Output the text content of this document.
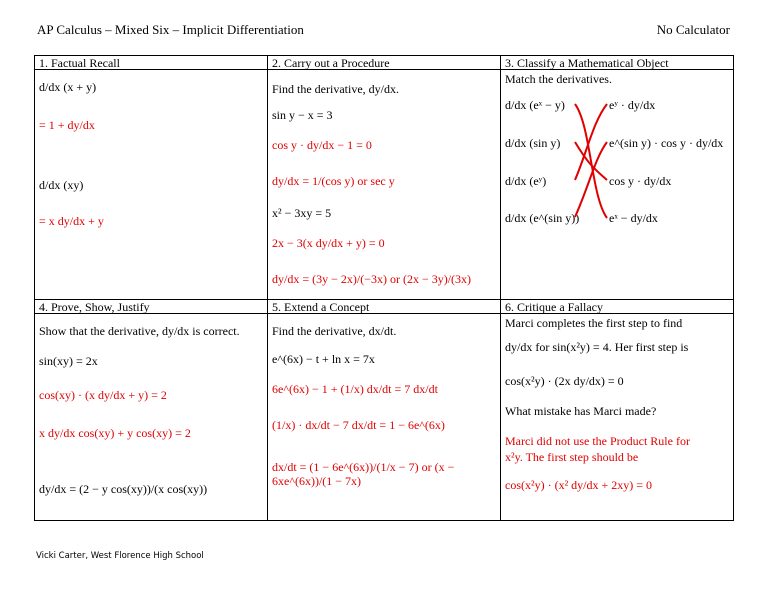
AP Calculus – Mixed Six – Implicit Differentiation	No Calculator
1. Factual Recall
d/dx (x + y)
= 1 + dy/dx
d/dx (xy)
= x dy/dx + y
2. Carry out a Procedure
Find the derivative, dy/dx.
sin y − x = 3
cos y · dy/dx − 1 = 0
dy/dx = 1/(cos y) or sec y
x² − 3xy = 5
2x − 3(x dy/dx + y) = 0
dy/dx = (3y − 2x)/(−3x) or (2x − 3y)/(3x)
3. Classify a Mathematical Object
Match the derivatives.
d/dx (eˣ − y)
d/dx (sin y)
d/dx (eʸ)
d/dx (e^(sin y))
eʸ · dy/dx
e^(sin y) · cos y · dy/dx
cos y · dy/dx
eˣ − dy/dx
4. Prove, Show, Justify
Show that the derivative, dy/dx is correct.
sin(xy) = 2x
cos(xy) · (x dy/dx + y) = 2
x dy/dx cos(xy) + y cos(xy) = 2
dy/dx = (2 − y cos(xy))/(x cos(xy))
5. Extend a Concept
Find the derivative, dx/dt.
e^(6x) − t + ln x = 7x
6e^(6x) − 1 + (1/x) dx/dt = 7 dx/dt
(1/x) · dx/dt − 7 dx/dt = 1 − 6e^(6x)
dx/dt = (1 − 6e^(6x))/(1/x − 7) or (x − 6xe^(6x))/(1 − 7x)
6. Critique a Fallacy
Marci completes the first step to find
dy/dx for sin(x²y) = 4. Her first step is
cos(x²y) · (2x dy/dx) = 0
What mistake has Marci made?
Marci did not use the Product Rule for
x²y. The first step should be
cos(x²y) · (x² dy/dx + 2xy) = 0
Vicki Carter, West Florence High School
